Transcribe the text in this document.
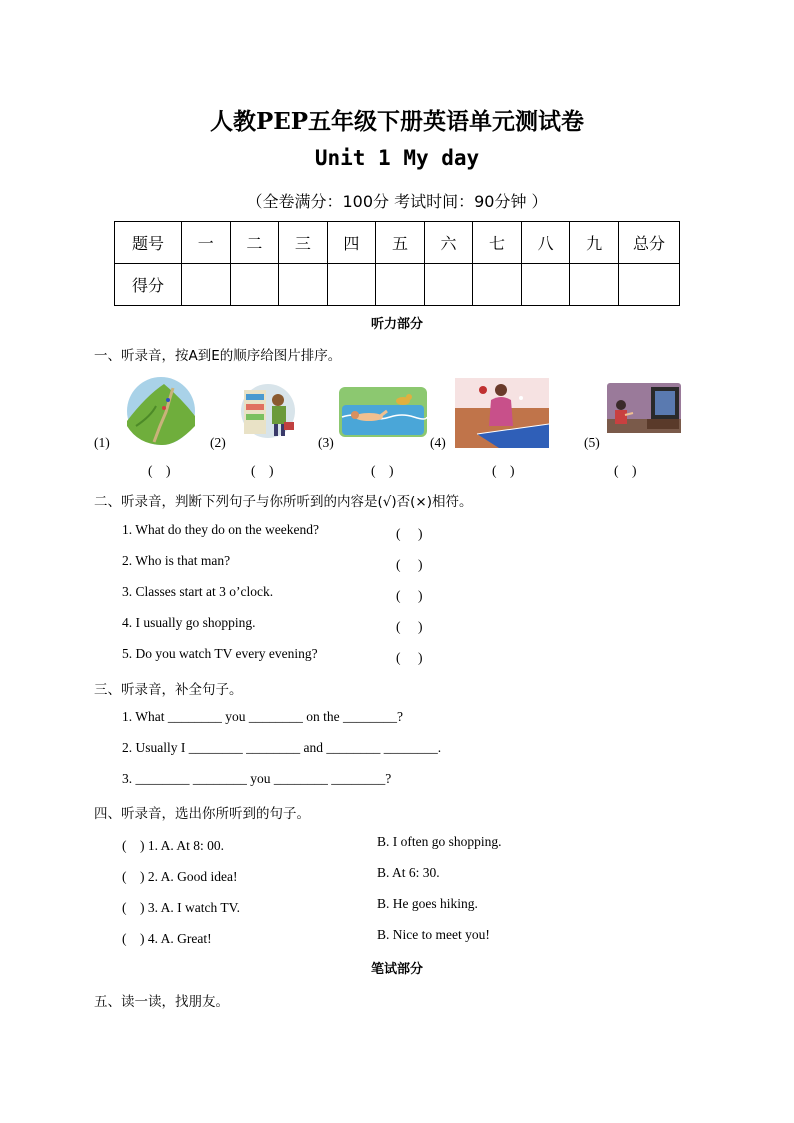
人教PEP五年级下册英语单元测试卷
Unit 1 My day
（全卷满分：100分 考试时间：90分钟 ）
题号	一	二	三	四	五	六	七	八	九	总分
得分										
听力部分
一、听录音，按A到E的顺序给图片排序。
(1)
(　)
(2)
(　)
(3)
(　)
(4)
(　)
(5)
(　)
二、听录音，判断下列句子与你所听到的内容是(√)否(×)相符。
1. What do they do on the weekend?	(　)
2. Who is that man?	(　)
3. Classes start at 3 o’clock.	(　)
4. I usually go shopping.	(　)
5. Do you watch TV every evening?	(　)
三、听录音，补全句子。
1. What ________ you ________ on the ________?
2. Usually I ________ ________ and ________ ________.
3. ________ ________ you ________ ________?
四、听录音，选出你所听到的句子。
(　) 1. A. At 8: 00.	B. I often go shopping.
(　) 2. A. Good idea!	B. At 6: 30.
(　) 3. A. I watch TV.	B. He goes hiking.
(　) 4. A. Great!	B. Nice to meet you!
笔试部分
五、读一读，找朋友。
